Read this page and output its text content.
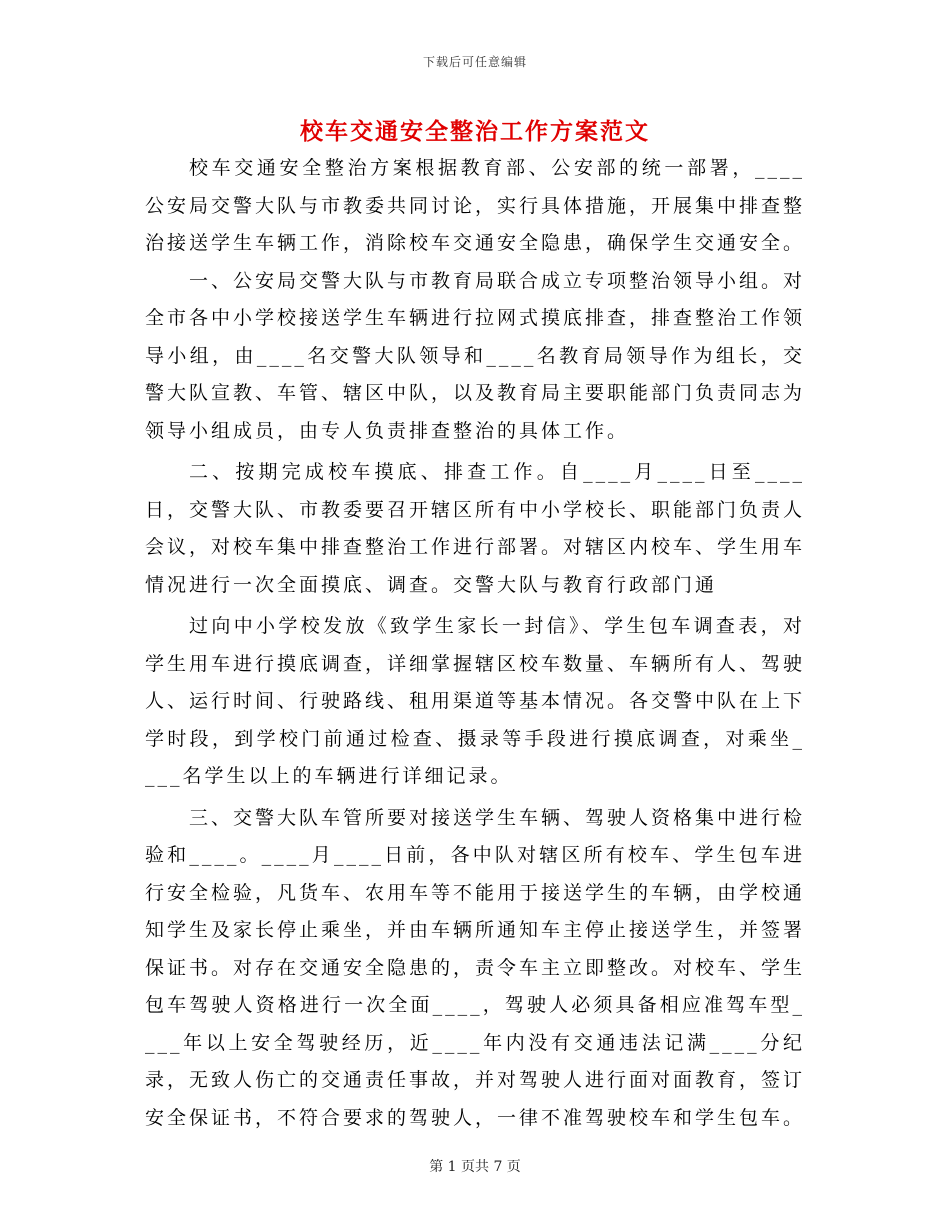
下载后可任意编辑
校车交通安全整治工作方案范文

校车交通安全整治方案根据教育部、公安部的统一部署，____公安局交警大队与市教委共同讨论，实行具体措施，开展集中排查整治接送学生车辆工作，消除校车交通安全隐患，确保学生交通安全。

一、公安局交警大队与市教育局联合成立专项整治领导小组。对全市各中小学校接送学生车辆进行拉网式摸底排查，排查整治工作领导小组，由____名交警大队领导和____名教育局领导作为组长，交警大队宣教、车管、辖区中队，以及教育局主要职能部门负责同志为领导小组成员，由专人负责排查整治的具体工作。

二、按期完成校车摸底、排查工作。自____月____日至____日，交警大队、市教委要召开辖区所有中小学校长、职能部门负责人会议，对校车集中排查整治工作进行部署。对辖区内校车、学生用车情况进行一次全面摸底、调查。交警大队与教育行政部门通

过向中小学校发放《致学生家长一封信》、学生包车调查表，对学生用车进行摸底调查，详细掌握辖区校车数量、车辆所有人、驾驶人、运行时间、行驶路线、租用渠道等基本情况。各交警中队在上下学时段，到学校门前通过检查、摄录等手段进行摸底调查，对乘坐____名学生以上的车辆进行详细记录。

三、交警大队车管所要对接送学生车辆、驾驶人资格集中进行检验和____。____月____日前，各中队对辖区所有校车、学生包车进行安全检验，凡货车、农用车等不能用于接送学生的车辆，由学校通知学生及家长停止乘坐，并由车辆所通知车主停止接送学生，并签署保证书。对存在交通安全隐患的，责令车主立即整改。对校车、学生包车驾驶人资格进行一次全面____，驾驶人必须具备相应准驾车型____年以上安全驾驶经历，近____年内没有交通违法记满____分纪录，无致人伤亡的交通责任事故，并对驾驶人进行面对面教育，签订安全保证书，不符合要求的驾驶人，一律不准驾驶校车和学生包车。

第 1 页共 7 页
